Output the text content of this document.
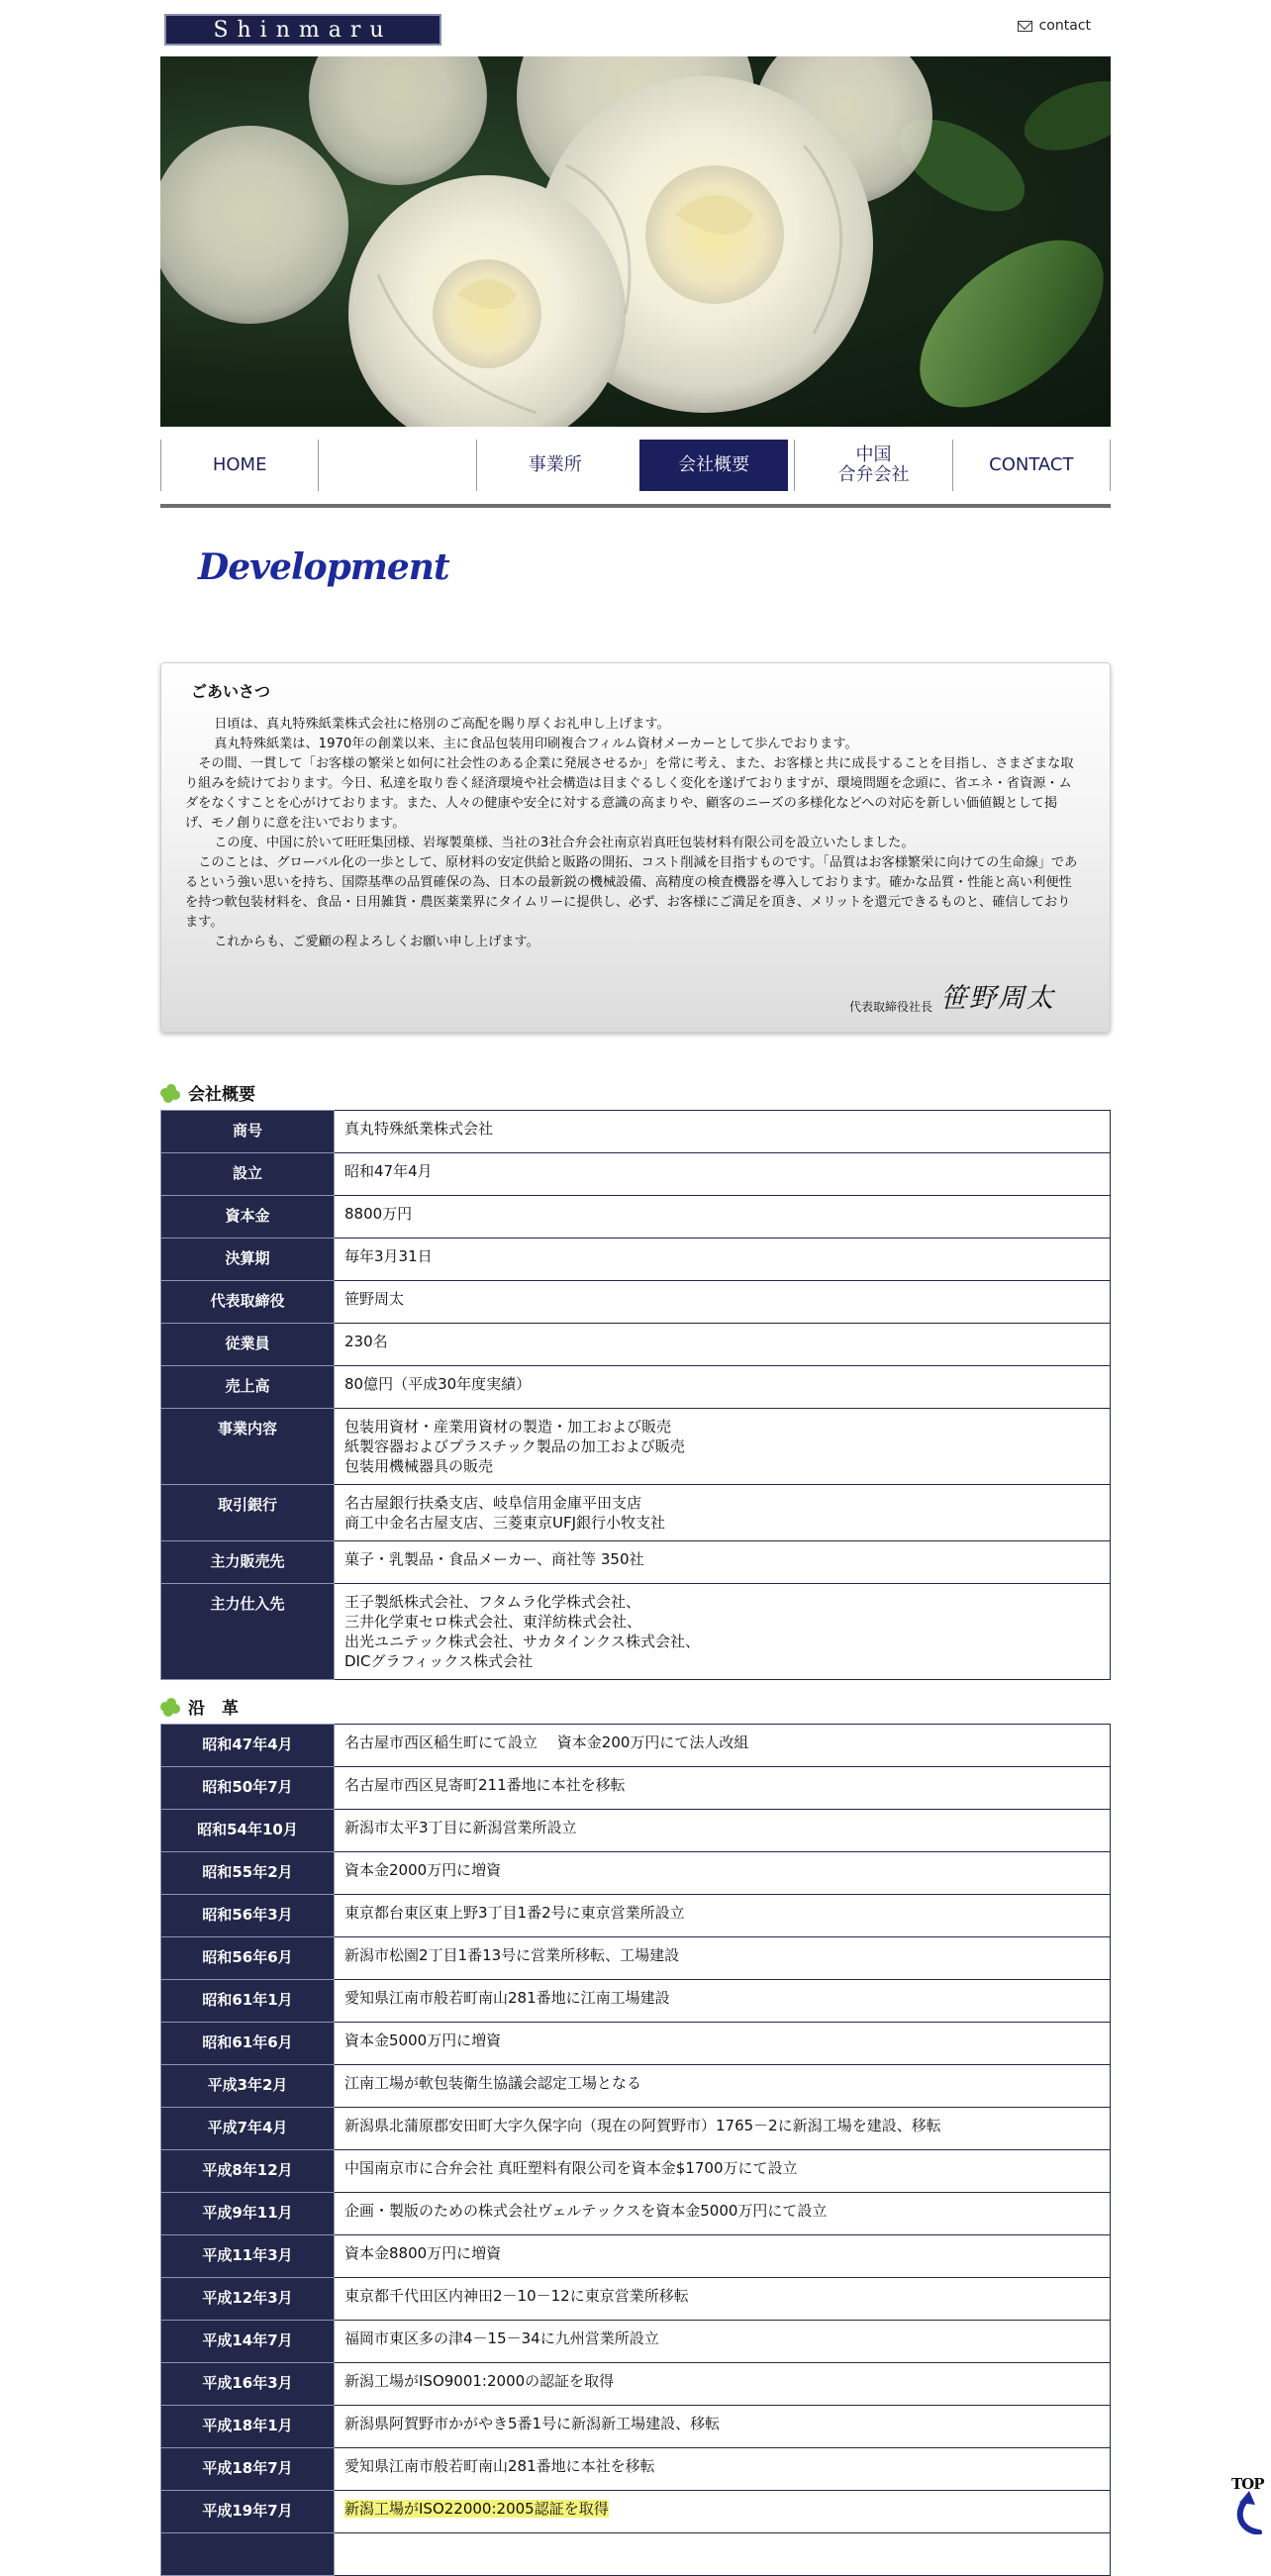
Shinmaru	contact
HOME	事業所	会社概要	中国
合弁会社	CONTACT
Development
ごあいさつ

日頃は、真丸特殊紙業株式会社に格別のご高配を賜り厚くお礼申し上げます。

真丸特殊紙業は、1970年の創業以来、主に食品包装用印刷複合フィルム資材メーカーとして歩んでおります。

その間、一貫して「お客様の繁栄と如何に社会性のある企業に発展させるか」を常に考え、また、お客様と共に成長することを目指し、さまざまな取り組みを続けております。今日、私達を取り巻く経済環境や社会構造は目まぐるしく変化を遂げておりますが、環境問題を念頭に、省エネ・省資源・ムダをなくすことを心がけております。また、人々の健康や安全に対する意識の高まりや、顧客のニーズの多様化などへの対応を新しい価値観として掲げ、モノ創りに意を注いでおります。

この度、中国に於いて旺旺集団様、岩塚製菓様、当社の3社合弁会社南京岩真旺包装材料有限公司を設立いたしました。

このことは、グローバル化の一歩として、原材料の安定供給と販路の開拓、コスト削減を目指すものです。「品質はお客様繁栄に向けての生命線」であるという強い思いを持ち、国際基準の品質確保の為、日本の最新鋭の機械設備、高精度の検査機器を導入しております。確かな品質・性能と高い利便性を持つ軟包装材料を、食品・日用雑貨・農医薬業界にタイムリーに提供し、必ず、お客様にご満足を頂き、メリットを還元できるものと、確信しております。

これからも、ご愛顧の程よろしくお願い申し上げます。

代表取締役社長 笹野周太
会社概要
商号	真丸特殊紙業株式会社
設立	昭和47年4月
資本金	8800万円
決算期	毎年3月31日
代表取締役	笹野周太
従業員	230名
売上高	80億円（平成30年度実績）
事業内容	包装用資材・産業用資材の製造・加工および販売
紙製容器およびプラスチック製品の加工および販売
包装用機械器具の販売
取引銀行	名古屋銀行扶桑支店、岐阜信用金庫平田支店
商工中金名古屋支店、三菱東京UFJ銀行小牧支社
主力販売先	菓子・乳製品・食品メーカー、商社等 350社
主力仕入先	王子製紙株式会社、フタムラ化学株式会社、
三井化学東セロ株式会社、東洋紡株式会社、
出光ユニテック株式会社、サカタインクス株式会社、
DICグラフィックス株式会社
沿　革
昭和47年4月	名古屋市西区稲生町にて設立　 資本金200万円にて法人改組
昭和50年7月	名古屋市西区見寄町211番地に本社を移転
昭和54年10月	新潟市太平3丁目に新潟営業所設立
昭和55年2月	資本金2000万円に増資
昭和56年3月	東京都台東区東上野3丁目1番2号に東京営業所設立
昭和56年6月	新潟市松園2丁目1番13号に営業所移転、工場建設
昭和61年1月	愛知県江南市般若町南山281番地に江南工場建設
昭和61年6月	資本金5000万円に増資
平成3年2月	江南工場が軟包装衛生協議会認定工場となる
平成7年4月	新潟県北蒲原郡安田町大字久保字向（現在の阿賀野市）1765－2に新潟工場を建設、移転
平成8年12月	中国南京市に合弁会社 真旺塑料有限公司を資本金$1700万にて設立
平成9年11月	企画・製版のための株式会社ヴェルテックスを資本金5000万円にて設立
平成11年3月	資本金8800万円に増資
平成12年3月	東京都千代田区内神田2－10－12に東京営業所移転
平成14年7月	福岡市東区多の津4－15－34に九州営業所設立
平成16年3月	新潟工場がISO9001:2000の認証を取得
平成18年1月	新潟県阿賀野市かがやき5番1号に新潟新工場建設、移転
平成18年7月	愛知県江南市般若町南山281番地に本社を移転
平成19年7月	新潟工場がISO22000:2005認証を取得

TOP
